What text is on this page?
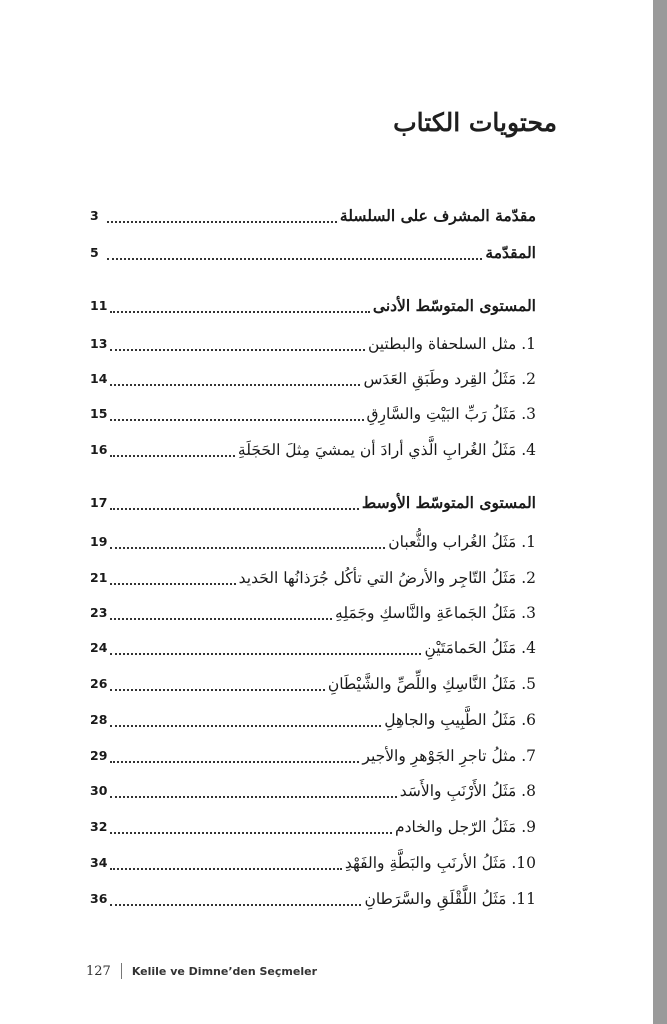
محتويات الكتاب
مقدّمة المشرف على السلسلة
3
المقدّمة
5
المستوى المتوسّط الأدنى
11
1. مثل السلحفاة والبطتين
13
2. مَثَلُ القِرد وطَبَقِ العَدَس
14
3. مَثَلُ رَبِّ البَيْتِ والسَّارِقِ
15
4. مَثَلُ الغُرابِ الَّذي أرادَ أن يمشيَ مِثلَ الحَجَلَةِ
16
المستوى المتوسّط الأوسط
17
1. مَثَلُ الغُراب والثُّعبان
19
2. مَثَلُ التّاجِر والأرضُ التي تأكُل جُرَذانُها الحَديد
21
3. مَثَلُ الجَماعَةِ والنَّاسكِ وجَمَلِهِ
23
4. مَثَلُ الحَمامَتَيْنِ
24
5. مَثَلُ النَّاسِكِ واللِّصِّ والشَّيْطَانِ
26
6. مَثَلُ الطَّبِيبِ والجاهِلِ
28
7. مثلُ تاجرِ الجَوْهرِ والأجير
29
8. مَثَلُ الأَرْنَبِ والأَسَد
30
9. مَثَلُ الرّجل والخادم
32
10. مَثَلُ الأرنَبِ والبَطَّةِ والفَهْدِ
34
11. مَثَلُ اللَّقْلَقِ والسَّرَطانِ
36
127 Kelile ve Dimne’den Seçmeler
